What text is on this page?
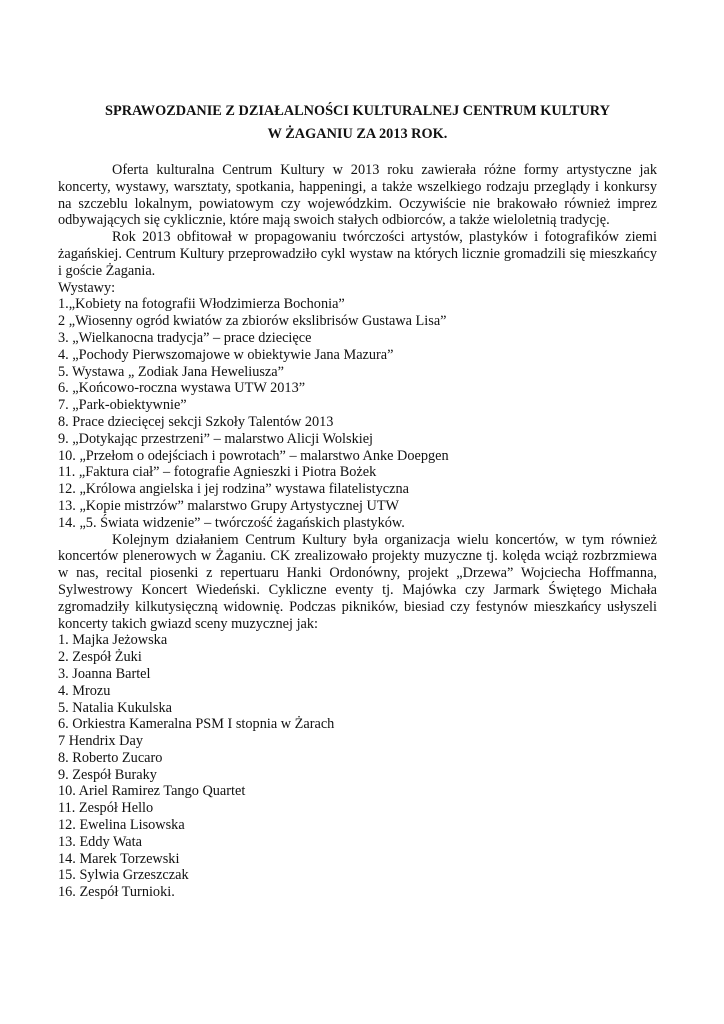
SPRAWOZDANIE Z DZIAŁALNOŚCI KULTURALNEJ CENTRUM KULTURY
W ŻAGANIU ZA 2013 ROK.

Oferta kulturalna Centrum Kultury w 2013 roku zawierała różne formy artystyczne jak koncerty, wystawy, warsztaty, spotkania, happeningi, a także wszelkiego rodzaju przeglądy i konkursy na szczeblu lokalnym, powiatowym czy wojewódzkim. Oczywiście nie brakowało również imprez odbywających się cyklicznie, które mają swoich stałych odbiorców, a także wieloletnią tradycję.

Rok 2013 obfitował w propagowaniu twórczości artystów, plastyków i fotografików ziemi żagańskiej. Centrum Kultury przeprowadziło cykl wystaw na których licznie gromadzili się mieszkańcy i goście Żagania.

Wystawy:

1.„Kobiety na fotografii Włodzimierza Bochonia”

2 „Wiosenny ogród kwiatów za zbiorów ekslibrisów Gustawa Lisa”

3. „Wielkanocna tradycja” – prace dziecięce

4. „Pochody Pierwszomajowe w obiektywie Jana Mazura”

5. Wystawa „ Zodiak Jana Heweliusza”

6. „Końcowo-roczna wystawa UTW 2013”

7. „Park-obiektywnie”

8. Prace dziecięcej sekcji Szkoły Talentów 2013

9. „Dotykając przestrzeni” – malarstwo Alicji Wolskiej

10. „Przełom o odejściach i powrotach” – malarstwo Anke Doepgen

11. „Faktura ciał” – fotografie Agnieszki i Piotra Bożek

12. „Królowa angielska i jej rodzina” wystawa filatelistyczna

13. „Kopie mistrzów” malarstwo Grupy Artystycznej UTW

14. „5. Świata widzenie” – twórczość żagańskich plastyków.

Kolejnym działaniem Centrum Kultury była organizacja wielu koncertów, w tym również koncertów plenerowych w Żaganiu. CK zrealizowało projekty muzyczne tj. kolęda wciąż rozbrzmiewa w nas, recital piosenki z repertuaru Hanki Ordonówny, projekt „Drzewa” Wojciecha Hoffmanna, Sylwestrowy Koncert Wiedeński. Cykliczne eventy tj. Majówka czy Jarmark Świętego Michała zgromadziły kilkutysięczną widownię. Podczas pikników, biesiad czy festynów mieszkańcy usłyszeli koncerty takich gwiazd sceny muzycznej jak:

1. Majka Jeżowska

2. Zespół Żuki

3. Joanna Bartel

4. Mrozu

5. Natalia Kukulska

6. Orkiestra Kameralna PSM I stopnia w Żarach

7 Hendrix Day

8. Roberto Zucaro

9. Zespół Buraky

10. Ariel Ramirez Tango Quartet

11. Zespół Hello

12. Ewelina Lisowska

13. Eddy Wata

14. Marek Torzewski

15. Sylwia Grzeszczak

16. Zespół Turnioki.
